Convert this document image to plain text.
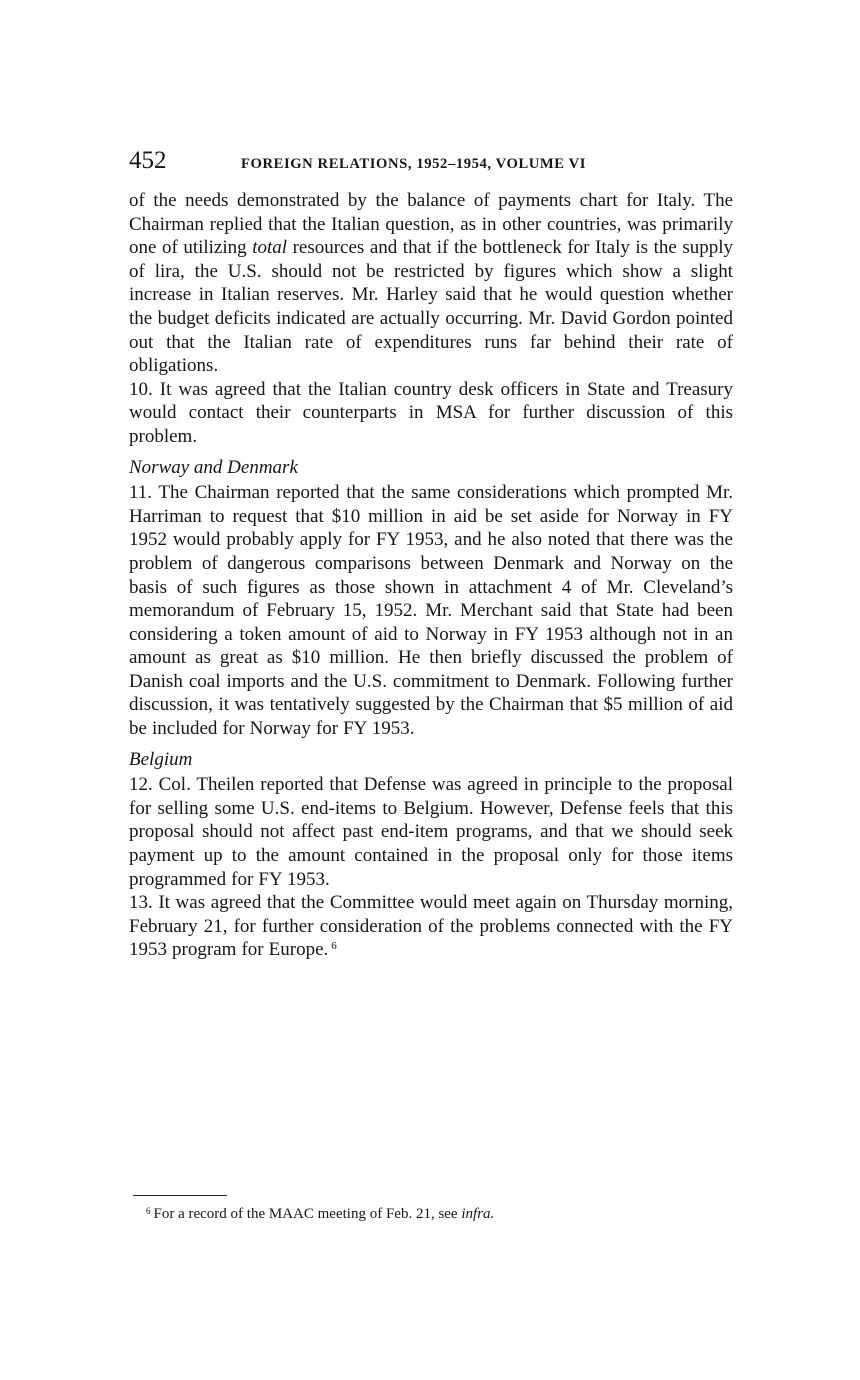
452	FOREIGN RELATIONS, 1952–1954, VOLUME VI

of the needs demonstrated by the balance of payments chart for Italy. The Chairman replied that the Italian question, as in other countries, was primarily one of utilizing total resources and that if the bottleneck for Italy is the supply of lira, the U.S. should not be restricted by figures which show a slight increase in Italian reserves. Mr. Harley said that he would question whether the budget deficits indicated are actually occurring. Mr. David Gordon pointed out that the Italian rate of expenditures runs far behind their rate of obligations.

10. It was agreed that the Italian country desk officers in State and Treasury would contact their counterparts in MSA for further discussion of this problem.

Norway and Denmark

11. The Chairman reported that the same considerations which prompted Mr. Harriman to request that $10 million in aid be set aside for Norway in FY 1952 would probably apply for FY 1953, and he also noted that there was the problem of dangerous comparisons between Denmark and Norway on the basis of such figures as those shown in attachment 4 of Mr. Cleveland’s memorandum of February 15, 1952. Mr. Merchant said that State had been considering a token amount of aid to Norway in FY 1953 although not in an amount as great as $10 million. He then briefly discussed the problem of Danish coal imports and the U.S. commitment to Denmark. Following further discussion, it was tentatively suggested by the Chairman that $5 million of aid be included for Norway for FY 1953.

Belgium

12. Col. Theilen reported that Defense was agreed in principle to the proposal for selling some U.S. end-items to Belgium. However, Defense feels that this proposal should not affect past end-item programs, and that we should seek payment up to the amount contained in the proposal only for those items programmed for FY 1953.

13. It was agreed that the Committee would meet again on Thursday morning, February 21, for further consideration of the problems connected with the FY 1953 program for Europe. $^6$

$^6$ For a record of the MAAC meeting of Feb. 21, see infra.
